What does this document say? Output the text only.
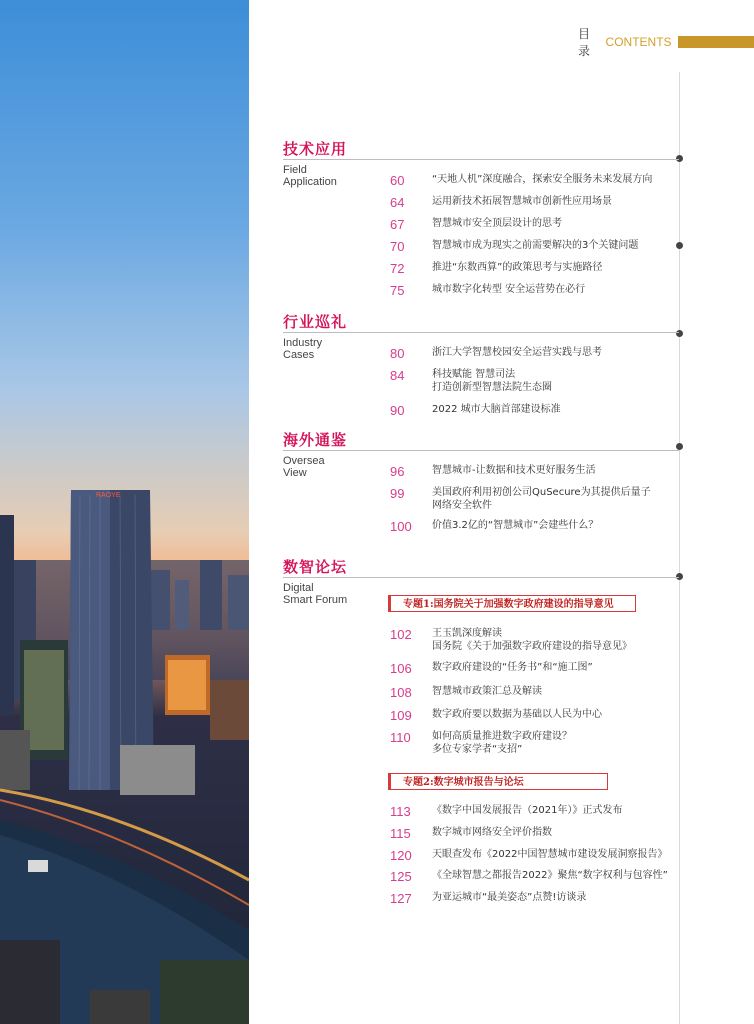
RAOYE
目录
CONTENTS
技术应用
Field
Application	60	“天地人机”深度融合，探索安全服务未来发展方向
64	运用新技术拓展智慧城市创新性应用场景
67	智慧城市安全顶层设计的思考
70	智慧城市成为现实之前需要解决的3个关键问题
72	推进“东数西算”的政策思考与实施路径
75	城市数字化转型 安全运营势在必行
行业巡礼
Industry
Cases	80	浙江大学智慧校园安全运营实践与思考
84	科技赋能 智慧司法
打造创新型智慧法院生态圈
90	2022 城市大脑首部建设标准
海外通鉴
Oversea
View	96	智慧城市-让数据和技术更好服务生活
99	美国政府利用初创公司QuSecure为其提供后量子
网络安全软件
100	价值3.2亿的“智慧城市”会建些什么？
数智论坛
Digital
Smart Forum	专题1:国务院关于加强数字政府建设的指导意见
102	王玉凯深度解读
国务院《关于加强数字政府建设的指导意见》
106	数字政府建设的“任务书”和“施工图”
108	智慧城市政策汇总及解读
109	数字政府要以数据为基础以人民为中心
110	如何高质量推进数字政府建设？
多位专家学者“支招”
专题2:数字城市报告与论坛
113	《数字中国发展报告（2021年）》正式发布
115	数字城市网络安全评价指数
120	天眼查发布《2022中国智慧城市建设发展洞察报告》
125	《全球智慧之都报告2022》聚焦“数字权利与包容性”
127	为亚运城市“最美姿态”点赞!访谈录
